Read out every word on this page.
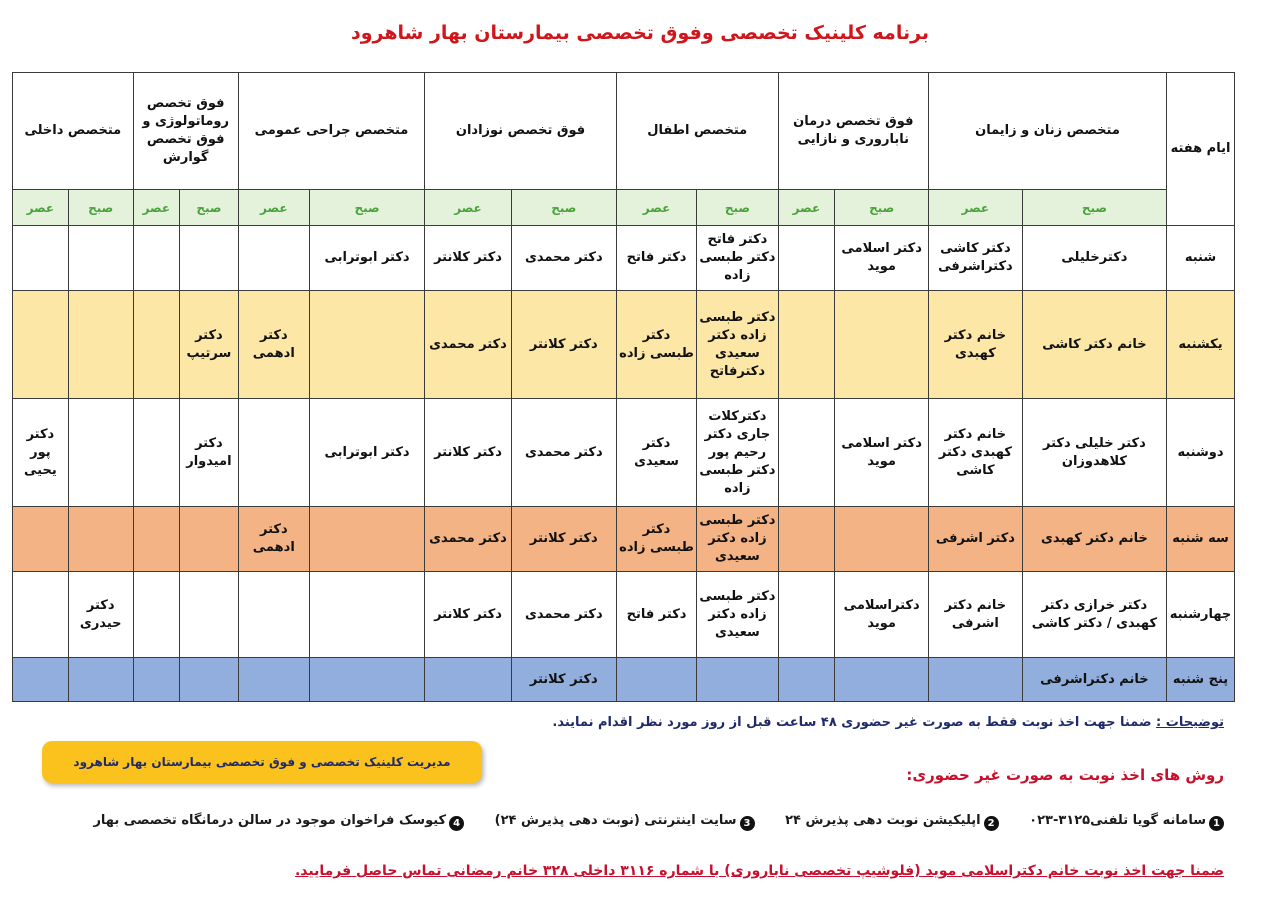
برنامه کلینیک تخصصی وفوق تخصصی بیمارستان بهار شاهرود
ایام هفته	متخصص زنان و زایمان		فوق تخصص درمان ناباروری و نازایی		متخصص اطفال		فوق تخصص نوزادان		متخصص جراحی عمومی		فوق تخصص روماتولوژی و فوق تخصص گوارش		متخصص داخلی	
	صبح	عصر	صبح	عصر	صبح	عصر	صبح	عصر	صبح	عصر	صبح	عصر	صبح	عصر
شنبه	دکترخلیلی	دکتر کاشی دکتراشرفی	دکتر اسلامی موید		دکتر فاتح دکتر طبسی زاده	دکتر فاتح	دکتر محمدی	دکتر کلانتر	دکتر ابوترابی					
یکشنبه	خانم دکتر کاشی	خانم دکتر کهبدی			دکتر طبسی زاده دکتر سعیدی دکترفاتح	دکتر طبسی زاده	دکتر کلانتر	دکتر محمدی		دکتر ادهمی	دکتر سرتیپ			
دوشنبه	دکتر خلیلی دکتر کلاهدوزان	خانم دکتر کهبدی دکتر کاشی	دکتر اسلامی موید		دکترکلات جاری دکتر رحیم پور دکتر طبسی زاده	دکتر سعیدی	دکتر محمدی	دکتر کلانتر	دکتر ابوترابی		دکتر امیدوار			دکتر پور یحیی
سه شنبه	خانم دکتر کهبدی	دکتر اشرفی			دکتر طبسی زاده دکتر سعیدی	دکتر طبسی زاده	دکتر کلانتر	دکتر محمدی		دکتر ادهمی				
چهارشنبه	دکتر خرازی دکتر کهبدی / دکتر کاشی	خانم دکتر اشرفی	دکتراسلامی موید		دکتر طبسی زاده دکتر سعیدی	دکتر فاتح	دکتر محمدی	دکتر کلانتر					دکتر حیدری	
پنج شنبه	خانم دکتراشرفی						دکتر کلانتر							
توضیحات : ضمنا جهت اخذ نوبت فقط به صورت غیر حضوری ۴۸ ساعت قبل از روز مورد نظر اقدام نمایند.
مدیریت کلینیک تخصصی و فوق تخصصی بیمارستان بهار شاهرود
روش های اخذ نوبت به صورت غیر حضوری:
1سامانه گویا تلفنی۳۱۲۵-۰۲۳ 2اپلیکیشن نوبت دهی پذیرش ۲۴ 3سایت اینترنتی (نوبت دهی پذیرش ۲۴) 4کیوسک فراخوان موجود در سالن درمانگاه تخصصی بهار
ضمنا جهت اخذ نوبت خانم دکتراسلامی موید (فلوشیپ تخصصی ناباروری) با شماره ۳۱۱۶ داخلی ۳۲۸ خانم رمضانی تماس حاصل فرمایید.
